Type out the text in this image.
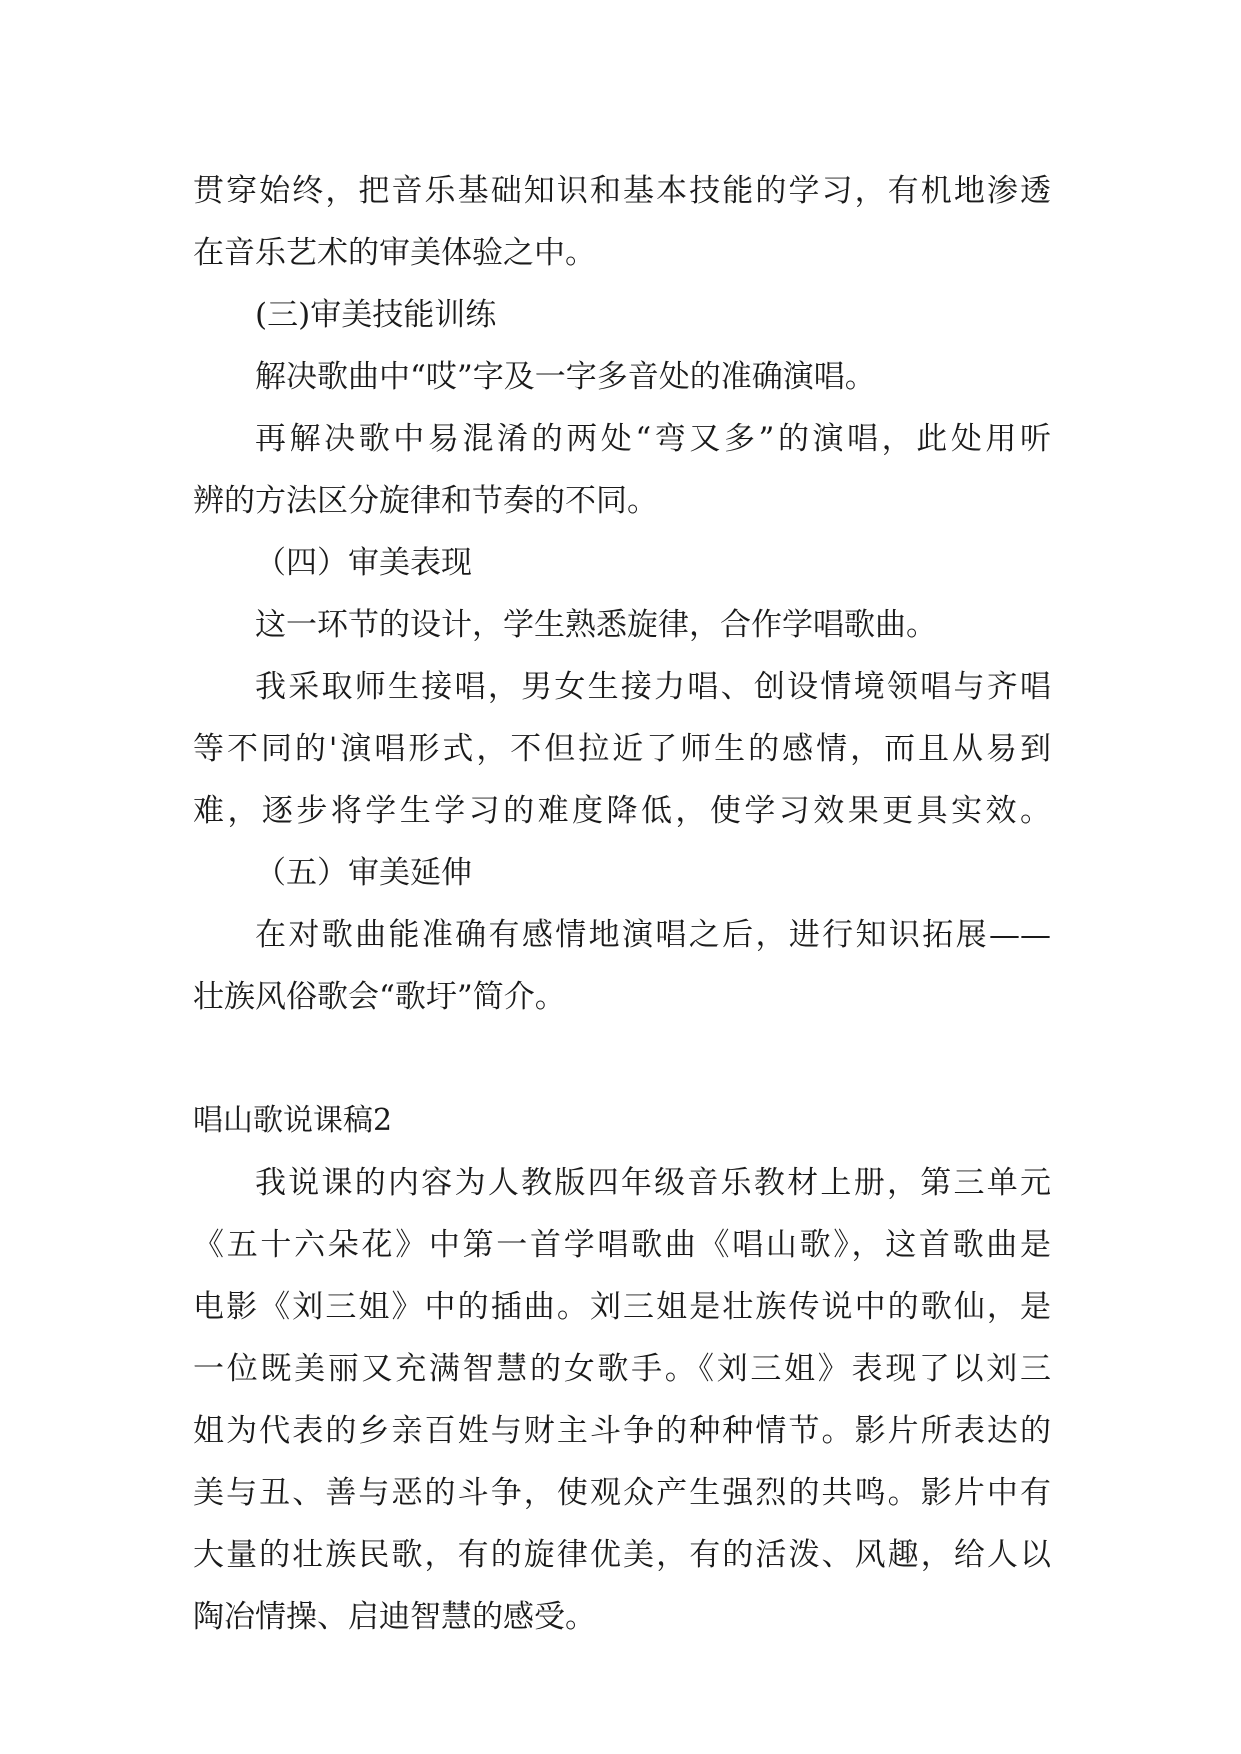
贯穿始终，把音乐基础知识和基本技能的学习，有机地渗透

在音乐艺术的审美体验之中。

(三)审美技能训练

解决歌曲中“哎”字及一字多音处的准确演唱。

再解决歌中易混淆的两处“弯又多”的演唱，此处用听

辨的方法区分旋律和节奏的不同。

（四）审美表现

这一环节的设计，学生熟悉旋律，合作学唱歌曲。

我采取师生接唱，男女生接力唱、创设情境领唱与齐唱

等不同的'演唱形式，不但拉近了师生的感情，而且从易到

难，逐步将学生学习的难度降低，使学习效果更具实效。

（五）审美延伸

在对歌曲能准确有感情地演唱之后，进行知识拓展——

壮族风俗歌会“歌圩”简介。

唱山歌说课稿2

我说课的内容为人教版四年级音乐教材上册，第三单元

《五十六朵花》中第一首学唱歌曲《唱山歌》，这首歌曲是

电影《刘三姐》中的插曲。刘三姐是壮族传说中的歌仙，是

一位既美丽又充满智慧的女歌手。《刘三姐》表现了以刘三

姐为代表的乡亲百姓与财主斗争的种种情节。影片所表达的

美与丑、善与恶的斗争，使观众产生强烈的共鸣。影片中有

大量的壮族民歌，有的旋律优美，有的活泼、风趣，给人以

陶冶情操、启迪智慧的感受。
